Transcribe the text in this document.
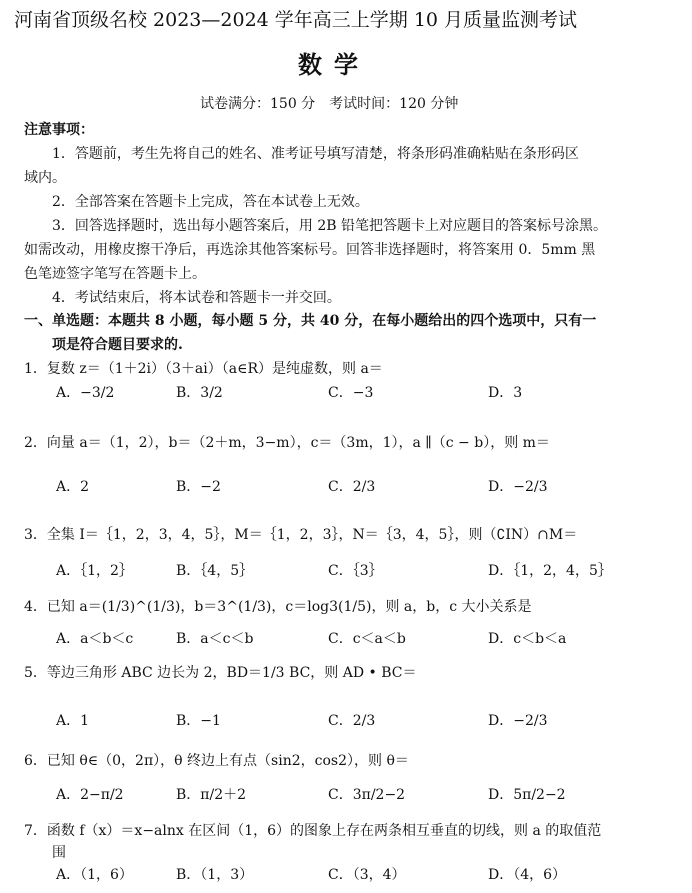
河南省顶级名校 2023—2024 学年高三上学期 10 月质量监测考试
数学
试卷满分：150 分　考试时间：120 分钟
注意事项：
1．答题前，考生先将自己的姓名、准考证号填写清楚，将条形码准确粘贴在条形码区
域内。
2．全部答案在答题卡上完成，答在本试卷上无效。
3．回答选择题时，选出每小题答案后，用 2B 铅笔把答题卡上对应题目的答案标号涂黑。
如需改动，用橡皮擦干净后，再选涂其他答案标号。回答非选择题时，将答案用 0．5mm 黑
色笔迹签字笔写在答题卡上。
4．考试结束后，将本试卷和答题卡一并交回。
一、单选题：本题共 8 小题，每小题 5 分，共 40 分，在每小题给出的四个选项中，只有一
项是符合题目要求的.
1．复数 z＝（1＋2i）（3＋ai）（a∈R）是纯虚数，则 a＝
A．−3/2	B．3/2	C．−3	D．3
2．向量 a＝（1，2），b＝（2＋m，3−m），c＝（3m，1），a ∥（c − b），则 m＝
A．2	B．−2	C．2/3	D．−2/3
3．全集 I＝｛1，2，3，4，5｝，M＝｛1，2，3｝，N＝｛3，4，5｝，则（∁IN）∩M＝
A．｛1，2｝	B．｛4，5｝	C．｛3｝	D．｛1，2，4，5｝
4．已知 a＝(1/3)^(1/3)，b＝3^(1/3)，c＝log3(1/5)，则 a，b，c 大小关系是
A．a＜b＜c	B．a＜c＜b	C．c＜a＜b	D．c＜b＜a
5．等边三角形 ABC 边长为 2，BD＝1/3 BC，则 AD • BC＝
A．1	B．−1	C．2/3	D．−2/3
6．已知 θ∈（0，2π），θ 终边上有点（sin2，cos2），则 θ＝
A．2−π/2	B．π/2＋2	C．3π/2−2	D．5π/2−2
7．函数 f（x）＝x−alnx 在区间（1，6）的图象上存在两条相互垂直的切线，则 a 的取值范
围
A．（1，6）	B．（1，3）	C．（3，4）	D．（4，6）
